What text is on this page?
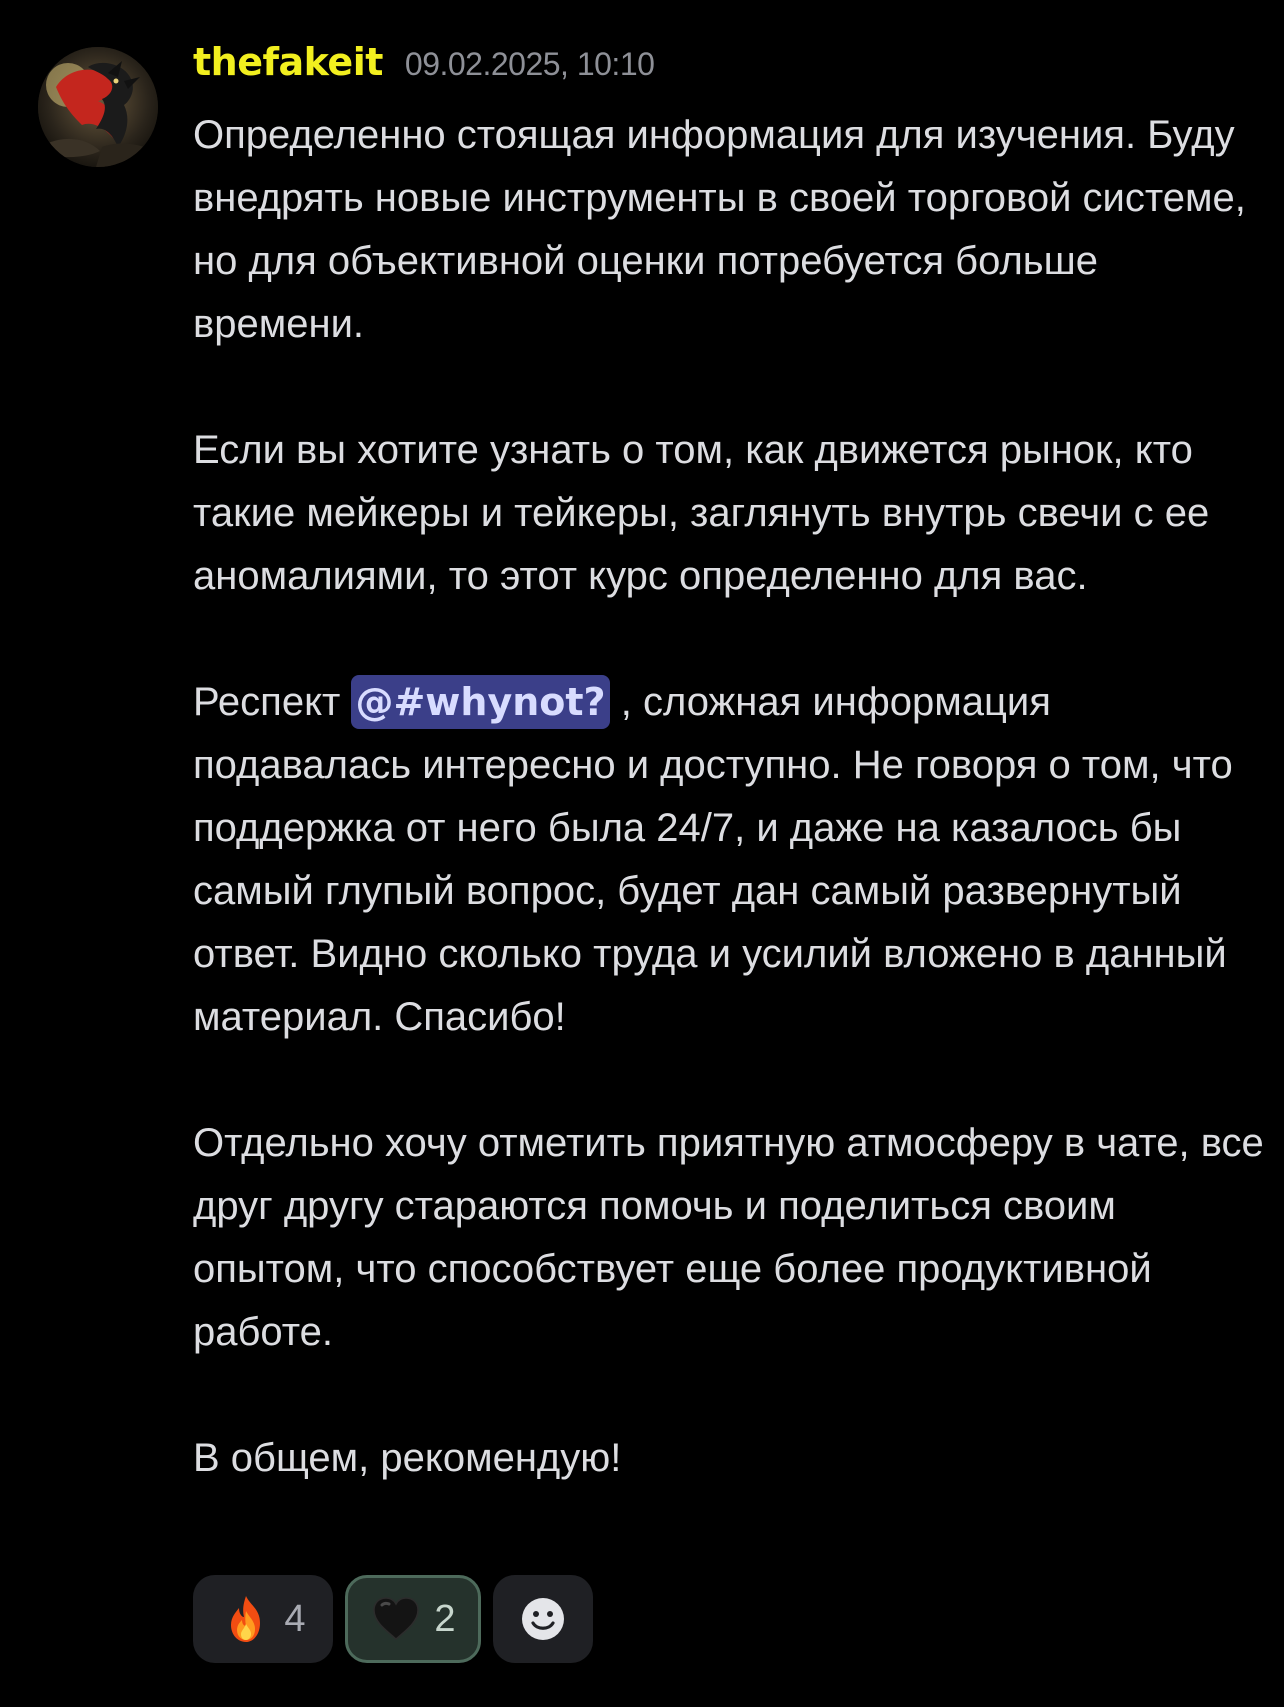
thefakeit 09.02.2025, 10:10

Определенно стоящая информация для изучения. Буду внедрять новые инструменты в своей торговой системе, но для объективной оценки потребуется больше времени.

Если вы хотите узнать о том, как движется рынок, кто такие мейкеры и тейкеры, заглянуть внутрь свечи с ее аномалиями, то этот курс определенно для вас.

Респект @#whynot? , сложная информация подавалась интересно и доступно. Не говоря о том, что поддержка от него была 24/7, и даже на казалось бы самый глупый вопрос, будет дан самый развернутый ответ. Видно сколько труда и усилий вложено в данный материал. Спасибо!

Отдельно хочу отметить приятную атмосферу в чате, все друг другу стараются помочь и поделиться своим опытом, что способствует еще более продуктивной работе.

В общем, рекомендую!

4	2
